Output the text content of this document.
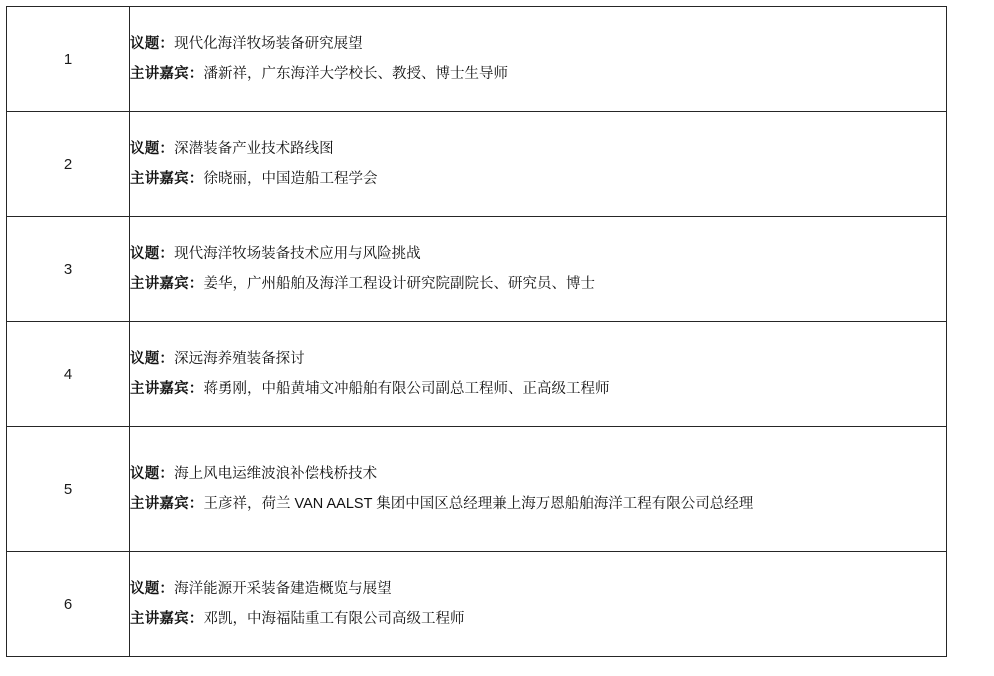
1	议题：现代化海洋牧场装备研究展望
主讲嘉宾：潘新祥，广东海洋大学校长、教授、博士生导师

2	议题：深潜装备产业技术路线图
主讲嘉宾：徐晓丽，中国造船工程学会

3	议题：现代海洋牧场装备技术应用与风险挑战
主讲嘉宾：姜华，广州船舶及海洋工程设计研究院副院长、研究员、博士

4	议题：深远海养殖装备探讨
主讲嘉宾：蒋勇刚，中船黄埔文冲船舶有限公司副总工程师、正高级工程师

5	议题：海上风电运维波浪补偿栈桥技术
主讲嘉宾：王彦祥，荷兰 VAN AALST 集团中国区总经理兼上海万恩船舶海洋工程有限公司总经理

6	议题：海洋能源开采装备建造概览与展望
主讲嘉宾：邓凯，中海福陆重工有限公司高级工程师
